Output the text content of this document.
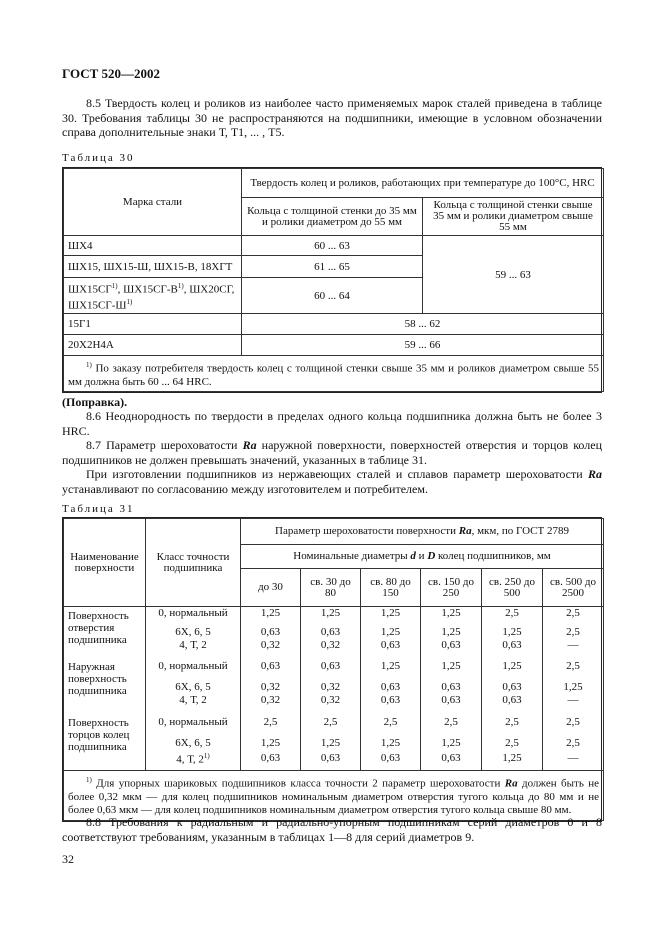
ГОСТ 520—2002
8.5 Твердость колец и роликов из наиболее часто применяемых марок сталей приведена в таблице 30. Требования таблицы 30 не распространяются на подшипники, имеющие в условном обозначении справа дополнительные знаки Т, Т1, ... , Т5.
Таблица 30
Марка стали	Твердость колец и роликов, работающих при температуре до 100°С, HRC	
	Кольца с толщиной стенки до 35 мм и ролики диаметром до 55 мм	Кольца с толщиной стенки свыше 35 мм и ролики диаметром свыше 55 мм
ШХ4	60 ... 63	59 ... 63
ШХ15, ШХ15-Ш, ШХ15-В, 18ХГТ	61 ... 65	
ШХ15СГ$^{1)}$, $ШХ15СГ-В^{1)}$, ШХ20СГ,
$ШХ15СГ-Ш^{1)}$	60 ... 64	
15Г1	58 ... 62	
20Х2Н4А	59 ... 66	
$^{1)}$ По заказу потребителя твердость колец с толщиной стенки свыше 35 мм и роликов диаметром свыше 55 мм должна быть 60 ... 64 HRC.		
(Поправка).
8.6 Неоднородность по твердости в пределах одного кольца подшипника должна быть не более 3 HRC.
8.7 Параметр шероховатости Ra наружной поверхности, поверхностей отверстия и торцов колец подшипников не должен превышать значений, указанных в таблице 31.
При изготовлении подшипников из нержавеющих сталей и сплавов параметр шероховатости Ra устанавливают по согласованию между изготовителем и потребителем.
Таблица 31
Наименование поверхности	Класс точности подшипника	Параметр шероховатости поверхности Ra, мкм, по ГОСТ 2789					
		Номинальные диаметры d и D колец подшипников, мм					
		до 30	св. 30 до 80	св. 80 до 150	св. 150 до 250	св. 250 до 500	св. 500 до 2500
Поверхность отверстия подшипника	0, нормальный	1,25	1,25	1,25	1,25	2,5	2,5
	6Х, 6, 5	0,63	0,63	1,25	1,25	1,25	2,5
	4, Т, 2	0,32	0,32	0,63	0,63	0,63	—
Наружная поверхность подшипника	0, нормальный	0,63	0,63	1,25	1,25	1,25	2,5
	6Х, 6, 5	0,32	0,32	0,63	0,63	0,63	1,25
	4, Т, 2	0,32	0,32	0,63	0,63	0,63	—
Поверхность торцов колец подшипника	0, нормальный	2,5	2,5	2,5	2,5	2,5	2,5
	6Х, 6, 5	1,25	1,25	1,25	1,25	2,5	2,5
	4, Т, 2$^{1)}$	0,63	0,63	0,63	0,63	1,25	—
$^{1)}$ Для упорных шариковых подшипников класса точности 2 параметр шероховатости Ra должен быть не более 0,32 мкм — для колец подшипников номинальным диаметром отверстия тугого кольца до 80 мм и не более 0,63 мкм — для колец подшипников номинальным диаметром отверстия тугого кольца свыше 80 мм.							
8.8 Требования к радиальным и радиально-упорным подшипникам серий диаметров 0 и 8 соответствуют требованиям, указанным в таблицах 1—8 для серий диаметров 9.
32
